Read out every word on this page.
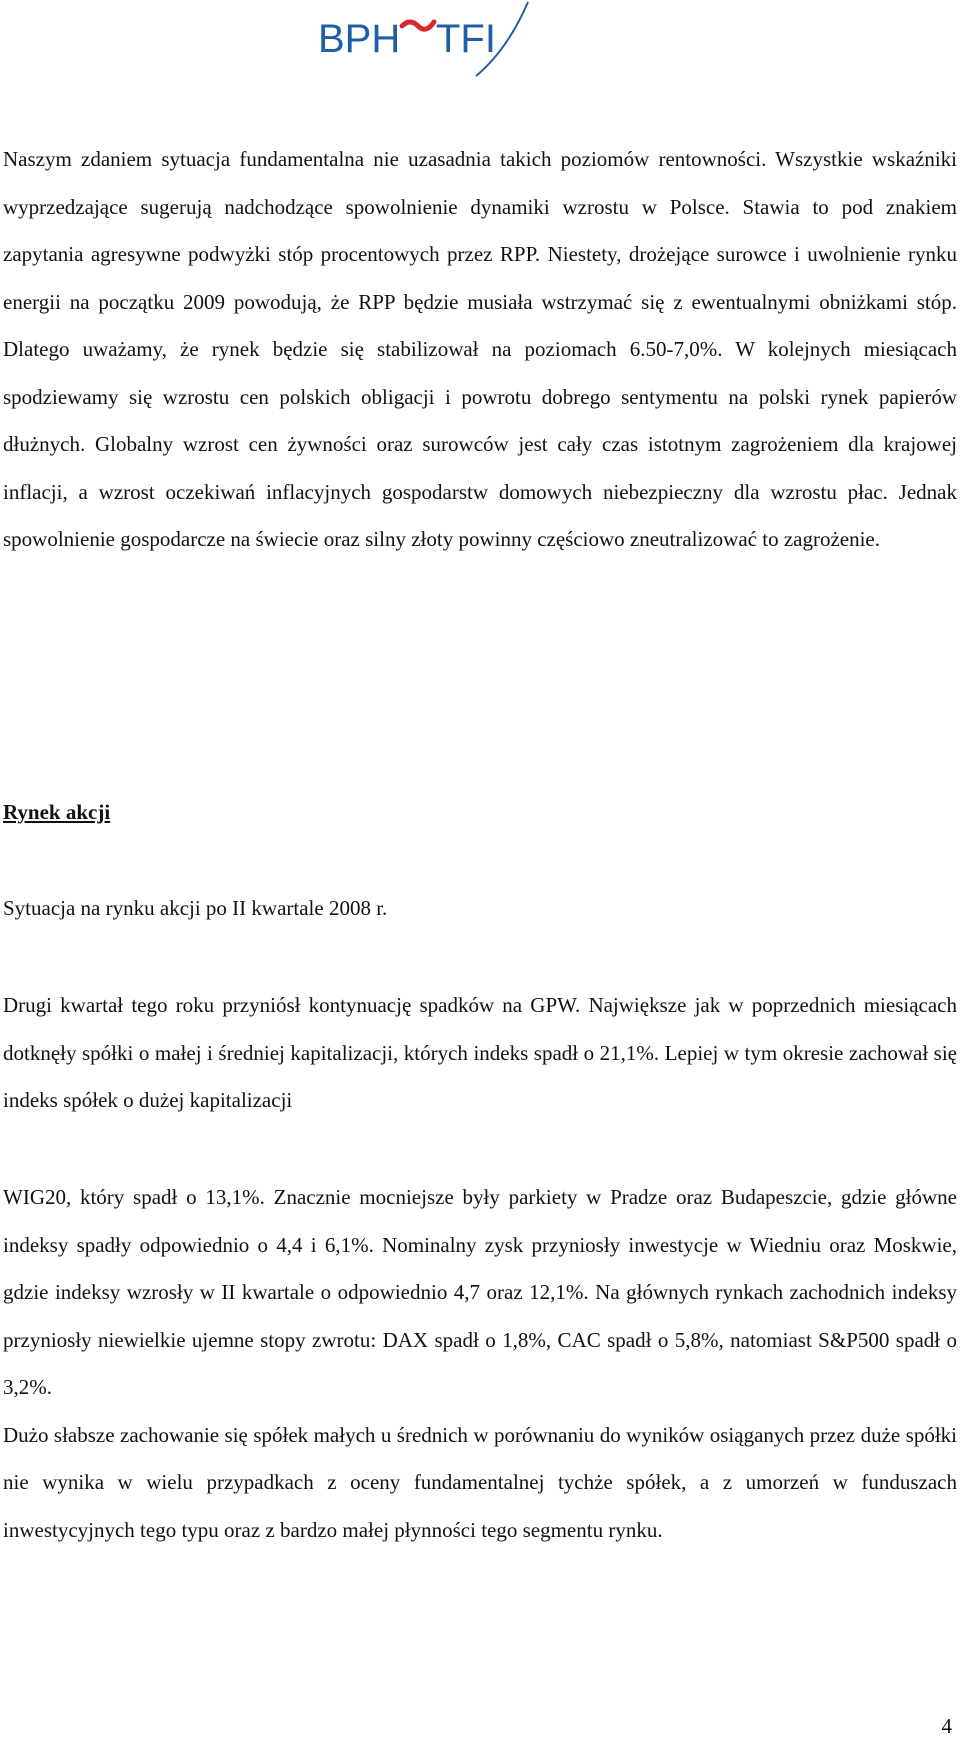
BPH TFI

Naszym zdaniem sytuacja fundamentalna nie uzasadnia takich poziomów rentowności. Wszystkie wskaźniki wyprzedzające sugerują nadchodzące spowolnienie dynamiki wzrostu w Polsce. Stawia to pod znakiem zapytania agresywne podwyżki stóp procentowych przez RPP. Niestety, drożejące surowce i uwolnienie rynku energii na początku 2009 powodują, że RPP będzie musiała wstrzymać się z ewentualnymi obniżkami stóp. Dlatego uważamy, że rynek będzie się stabilizował na poziomach 6.50-7,0%. W kolejnych miesiącach spodziewamy się wzrostu cen polskich obligacji i powrotu dobrego sentymentu na polski rynek papierów dłużnych. Globalny wzrost cen żywności oraz surowców jest cały czas istotnym zagrożeniem dla krajowej inflacji, a wzrost oczekiwań inflacyjnych gospodarstw domowych niebezpieczny dla wzrostu płac. Jednak spowolnienie gospodarcze na świecie oraz silny złoty powinny częściowo zneutralizować to zagrożenie.

Rynek akcji

Sytuacja na rynku akcji po II kwartale 2008 r.

Drugi kwartał tego roku przyniósł kontynuację spadków na GPW. Największe jak w poprzednich miesiącach dotknęły spółki o małej i średniej kapitalizacji, których indeks spadł o 21,1%. Lepiej w tym okresie zachował się indeks spółek o dużej kapitalizacji

WIG20, który spadł o 13,1%. Znacznie mocniejsze były parkiety w Pradze oraz Budapeszcie, gdzie główne indeksy spadły odpowiednio o 4,4 i 6,1%. Nominalny zysk przyniosły inwestycje w Wiedniu oraz Moskwie, gdzie indeksy wzrosły w II kwartale o odpowiednio 4,7 oraz 12,1%. Na głównych rynkach zachodnich indeksy przyniosły niewielkie ujemne stopy zwrotu: DAX spadł o 1,8%, CAC spadł o 5,8%, natomiast S&P500 spadł o 3,2%.

Dużo słabsze zachowanie się spółek małych u średnich w porównaniu do wyników osiąganych przez duże spółki nie wynika w wielu przypadkach z oceny fundamentalnej tychże spółek, a z umorzeń w funduszach inwestycyjnych tego typu oraz z bardzo małej płynności tego segmentu rynku.

4
